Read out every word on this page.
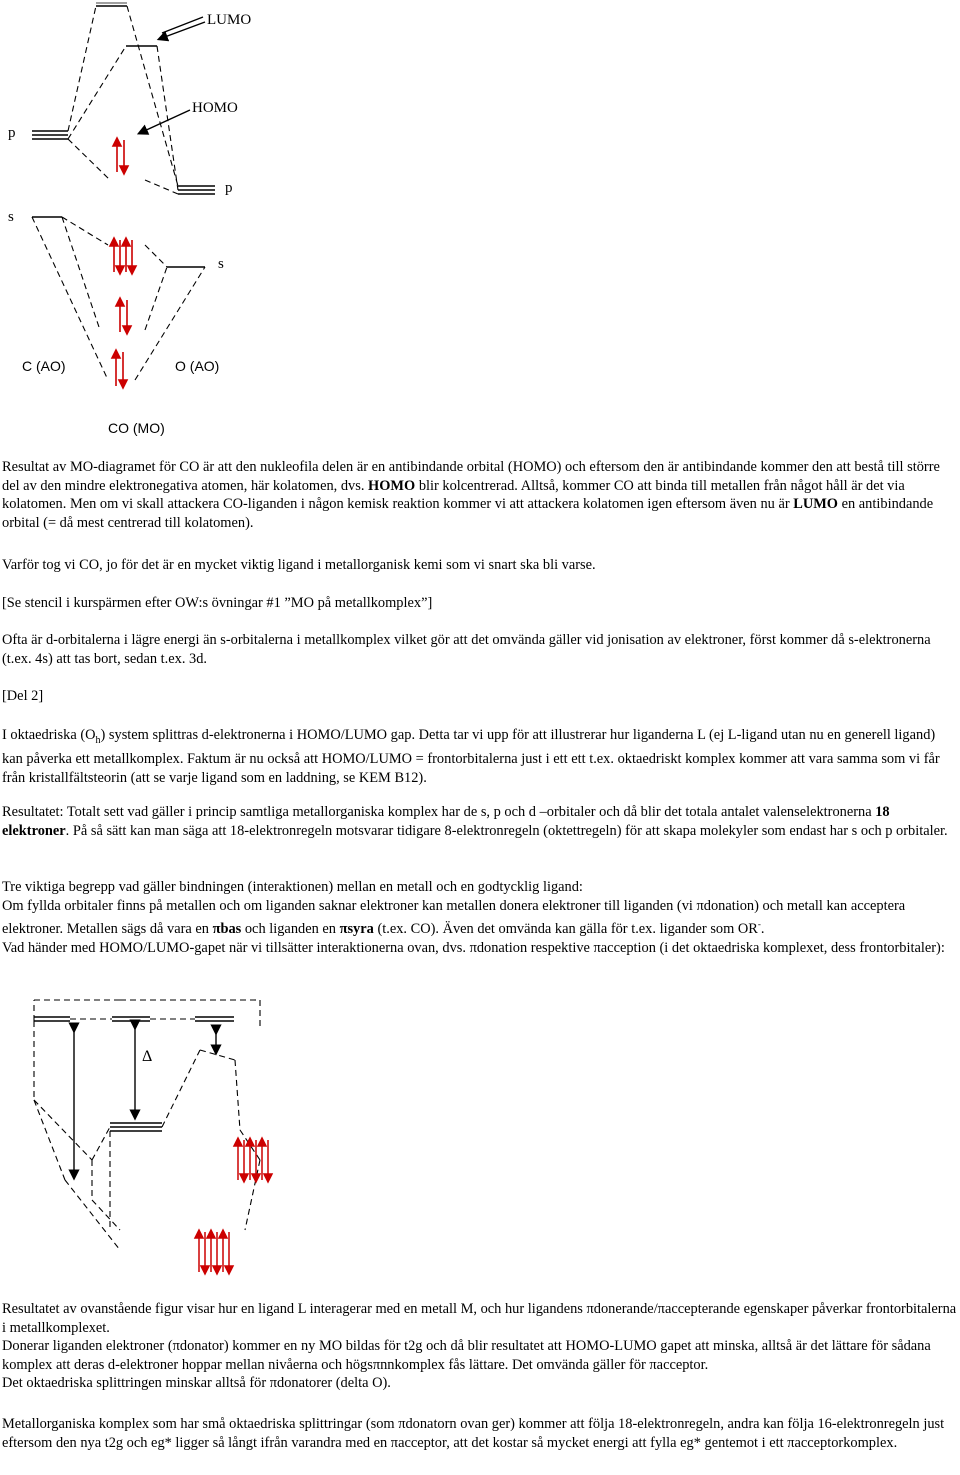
LUMO
HOMO
p
p
s
s
C (AO)	O (AO)
CO (MO)
Resultat av MO-diagramet för CO är att den nukleofila delen är en antibindande orbital (HOMO) och eftersom den är antibindande kommer den att bestå till större del av den mindre elektronegativa atomen, här kolatomen, dvs. HOMO blir kolcentrerad. Alltså, kommer CO att binda till metallen från något håll är det via kolatomen. Men om vi skall attackera CO-liganden i någon kemisk reaktion kommer vi att attackera kolatomen igen eftersom även nu är LUMO en antibindande orbital (= då mest centrerad till kolatomen).
Varför tog vi CO, jo för det är en mycket viktig ligand i metallorganisk kemi som vi snart ska bli varse.
[Se stencil i kurspärmen efter OW:s övningar #1 ”MO på metallkomplex”]
Ofta är d-orbitalerna i lägre energi än s-orbitalerna i metallkomplex vilket gör att det omvända gäller vid jonisation av elektroner, först kommer då s-elektronerna (t.ex. 4s) att tas bort, sedan t.ex. 3d.
[Del 2]
I oktaedriska $(O_h)$ system splittras d-elektronerna i HOMO/LUMO gap. Detta tar vi upp för att illustrerar hur liganderna L (ej L-ligand utan nu en generell ligand) kan påverka ett metallkomplex. Faktum är nu också att HOMO/LUMO = frontorbitalerna just i ett ett t.ex. oktaedriskt komplex kommer att vara samma som vi får från kristallfältsteorin (att se varje ligand som en laddning, se KEM B12).
Resultatet: Totalt sett vad gäller i princip samtliga metallorganiska komplex har de s, p och d –orbitaler och då blir det totala antalet valenselektronerna 18 elektroner. På så sätt kan man säga att 18-elektronregeln motsvarar tidigare 8-elektronregeln (oktettregeln) för att skapa molekyler som endast har s och p orbitaler.

Tre viktiga begrepp vad gäller bindningen (interaktionen) mellan en metall och en godtycklig ligand:

Om fyllda orbitaler finns på metallen och om liganden saknar elektroner kan metallen donera elektroner till liganden (vi πdonation) och metall kan acceptera elektroner. Metallen sägs då vara en πbas och liganden en πsyra (t.ex. CO). Även det omvända kan gälla för t.ex. ligander som OR-.

Vad händer med HOMO/LUMO-gapet när vi tillsätter interaktionerna ovan, dvs. πdonation respektive πacception (i det oktaedriska komplexet, dess frontorbitaler):

Δ

Resultatet av ovanstående figur visar hur en ligand L interagerar med en metall M, och hur ligandens πdonerande/πaccepterande egenskaper påverkar frontorbitalerna i metallkomplexet.

Donerar liganden elektroner (πdonator) kommer en ny MO bildas för t2g och då blir resultatet att HOMO-LUMO gapet att minska, alltså är det lättare för sådana komplex att deras d-elektroner hoppar mellan nivåerna och högsπnnkomplex fås lättare. Det omvända gäller för πacceptor.

Det oktaedriska splittringen minskar alltså för πdonatorer (delta O).

Metallorganiska komplex som har små oktaedriska splittringar (som πdonatorn ovan ger) kommer att följa 18-elektronregeln, andra kan följa 16-elektronregeln just eftersom den nya t2g och eg* ligger så långt ifrån varandra med en πacceptor, att det kostar så mycket energi att fylla eg* gentemot i ett πacceptorkomplex.
